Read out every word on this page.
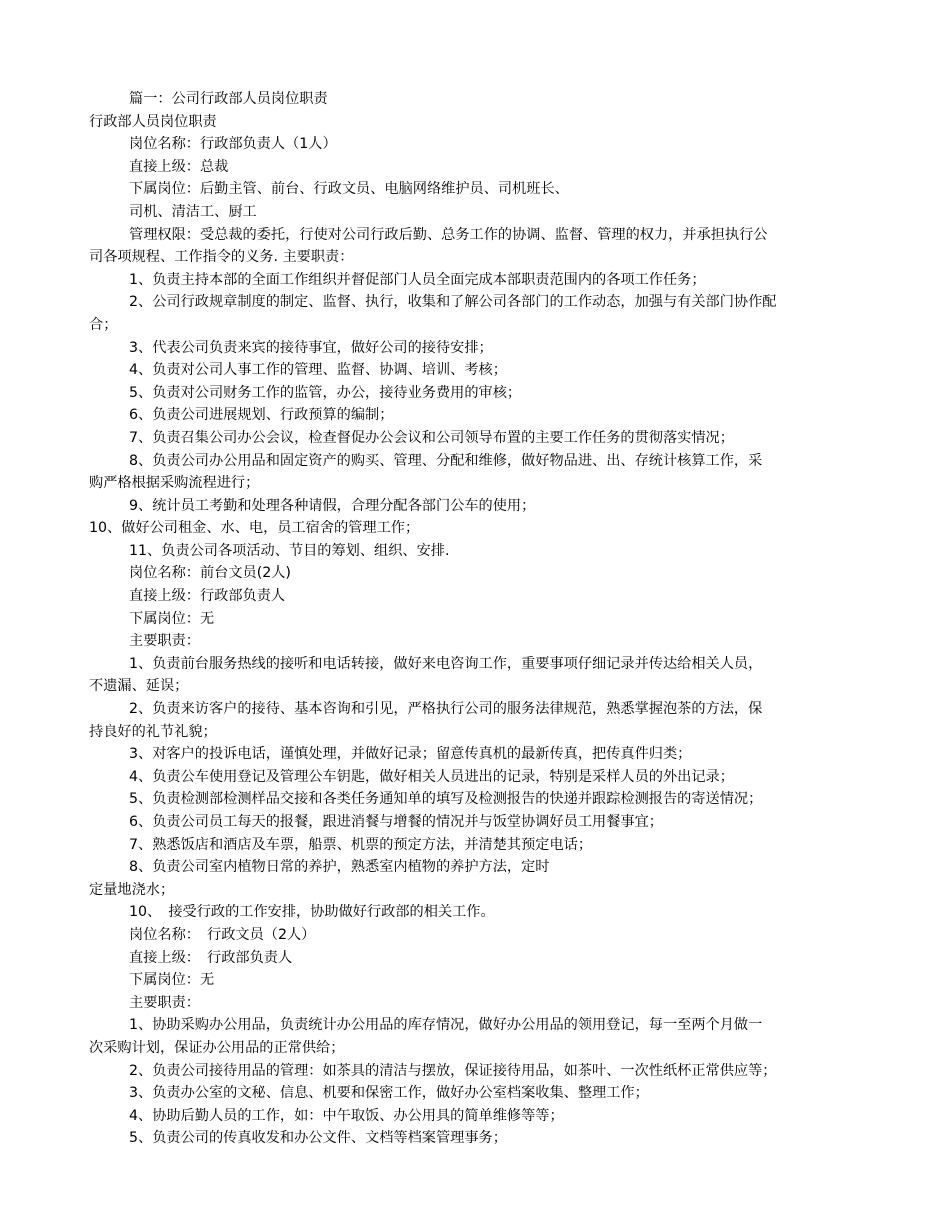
篇一：公司行政部人员岗位职责
行政部人员岗位职责
岗位名称：行政部负责人（1人）
直接上级：总裁
下属岗位：后勤主管、前台、行政文员、电脑网络维护员、司机班长、
司机、清洁工、厨工
管理权限：受总裁的委托，行使对公司行政后勤、总务工作的协调、监督、管理的权力，并承担执行公
司各项规程、工作指令的义务. 主要职责：
1、负责主持本部的全面工作组织并督促部门人员全面完成本部职责范围内的各项工作任务；
2、公司行政规章制度的制定、监督、执行，收集和了解公司各部门的工作动态，加强与有关部门协作配
合；
3、代表公司负责来宾的接待事宜，做好公司的接待安排；
4、负责对公司人事工作的管理、监督、协调、培训、考核；
5、负责对公司财务工作的监管，办公，接待业务费用的审核；
6、负责公司进展规划、行政预算的编制；
7、负责召集公司办公会议，检查督促办公会议和公司领导布置的主要工作任务的贯彻落实情况；
8、负责公司办公用品和固定资产的购买、管理、分配和维修，做好物品进、出、存统计核算工作，采
购严格根据采购流程进行；
9、统计员工考勤和处理各种请假，合理分配各部门公车的使用；
10、做好公司租金、水、电，员工宿舍的管理工作；
11、负责公司各项活动、节目的筹划、组织、安排.
岗位名称：前台文员(2人)
直接上级：行政部负责人
下属岗位：无
主要职责：
1、负责前台服务热线的接听和电话转接，做好来电咨询工作，重要事项仔细记录并传达给相关人员，
不遗漏、延误；
2、负责来访客户的接待、基本咨询和引见，严格执行公司的服务法律规范，熟悉掌握泡茶的方法，保
持良好的礼节礼貌；
3、对客户的投诉电话，谨慎处理，并做好记录；留意传真机的最新传真，把传真件归类；
4、负责公车使用登记及管理公车钥匙，做好相关人员进出的记录，特别是采样人员的外出记录；
5、负责检测部检测样品交接和各类任务通知单的填写及检测报告的快递并跟踪检测报告的寄送情况；
6、负责公司员工每天的报餐，跟进消餐与增餐的情况并与饭堂协调好员工用餐事宜；
7、熟悉饭店和酒店及车票，船票、机票的预定方法，并清楚其预定电话；
8、负责公司室内植物日常的养护，熟悉室内植物的养护方法，定时
定量地浇水；
10、　接受行政的工作安排，协助做好行政部的相关工作。
岗位名称：　行政文员（2人）
直接上级：　行政部负责人
下属岗位：无
主要职责：
1、协助采购办公用品，负责统计办公用品的库存情况，做好办公用品的领用登记，每一至两个月做一
次采购计划，保证办公用品的正常供给；
2、负责公司接待用品的管理：如茶具的清洁与摆放，保证接待用品，如茶叶、一次性纸杯正常供应等；
3、负责办公室的文秘、信息、机要和保密工作，做好办公室档案收集、整理工作；
4、协助后勤人员的工作，如：中午取饭、办公用具的简单维修等等；
5、负责公司的传真收发和办公文件、文档等档案管理事务；
